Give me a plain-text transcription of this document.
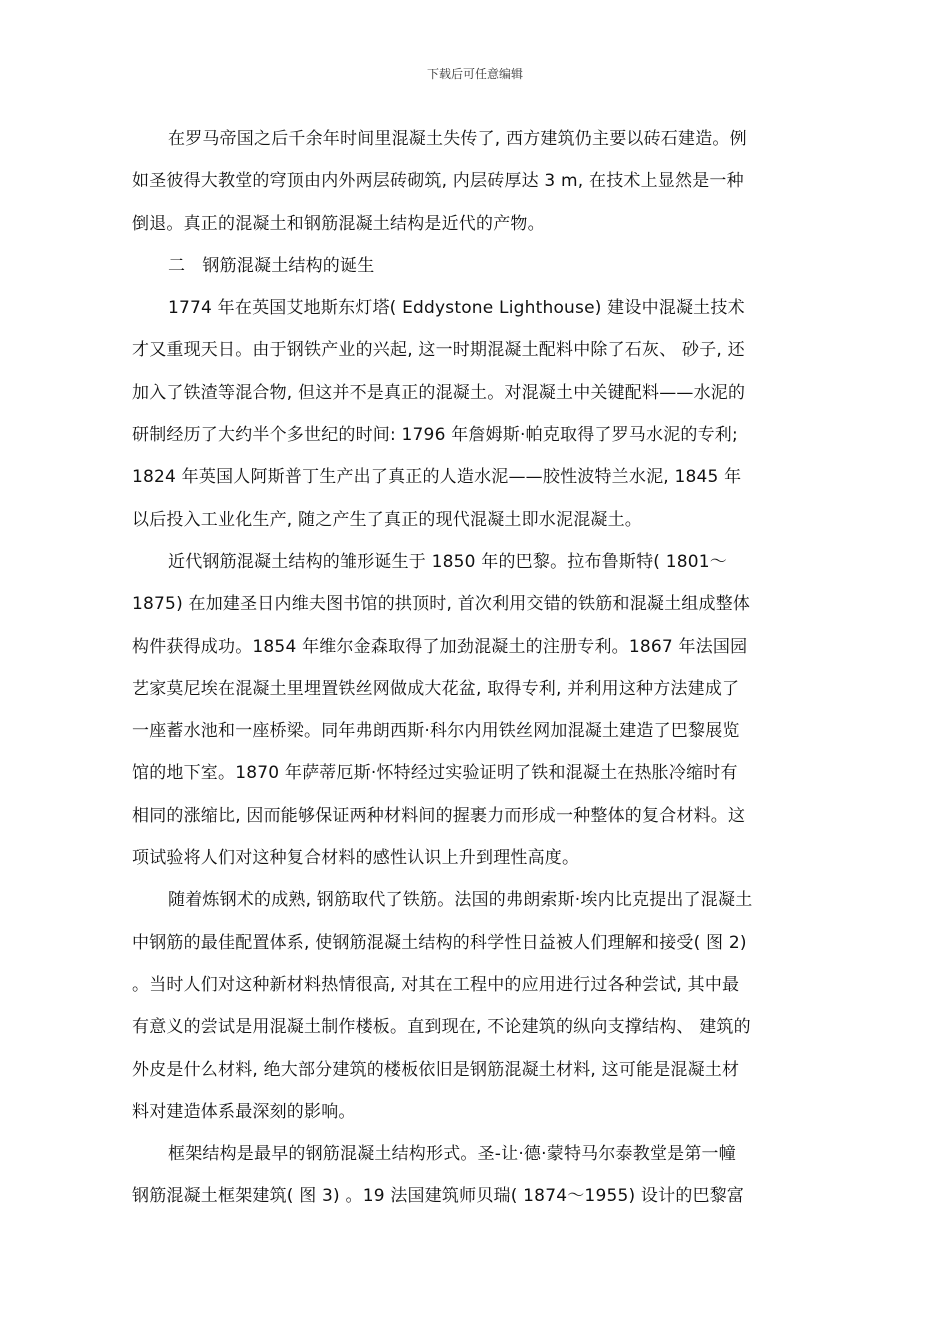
下载后可任意编辑
在罗马帝国之后千余年时间里混凝土失传了, 西方建筑仍主要以砖石建造。例
如圣彼得大教堂的穹顶由内外两层砖砌筑, 内层砖厚达 3 m, 在技术上显然是一种
倒退。真正的混凝土和钢筋混凝土结构是近代的产物。
二　钢筋混凝土结构的诞生
1774 年在英国艾地斯东灯塔( Eddystone Lighthouse) 建设中混凝土技术
才又重现天日。由于钢铁产业的兴起, 这一时期混凝土配料中除了石灰、 砂子, 还
加入了铁渣等混合物, 但这并不是真正的混凝土。对混凝土中关键配料——水泥的
研制经历了大约半个多世纪的时间: 1796 年詹姆斯·帕克取得了罗马水泥的专利;
1824 年英国人阿斯普丁生产出了真正的人造水泥——胶性波特兰水泥, 1845 年
以后投入工业化生产, 随之产生了真正的现代混凝土即水泥混凝土。
近代钢筋混凝土结构的雏形诞生于 1850 年的巴黎。拉布鲁斯特( 1801～
1875) 在加建圣日内维夫图书馆的拱顶时, 首次利用交错的铁筋和混凝土组成整体
构件获得成功。1854 年维尔金森取得了加劲混凝土的注册专利。1867 年法国园
艺家莫尼埃在混凝土里埋置铁丝网做成大花盆, 取得专利, 并利用这种方法建成了
一座蓄水池和一座桥梁。同年弗朗西斯·科尔内用铁丝网加混凝土建造了巴黎展览
馆的地下室。1870 年萨蒂厄斯·怀特经过实验证明了铁和混凝土在热胀冷缩时有
相同的涨缩比, 因而能够保证两种材料间的握裹力而形成一种整体的复合材料。这
项试验将人们对这种复合材料的感性认识上升到理性高度。
随着炼钢术的成熟, 钢筋取代了铁筋。法国的弗朗索斯·埃内比克提出了混凝土
中钢筋的最佳配置体系, 使钢筋混凝土结构的科学性日益被人们理解和接受( 图 2)
。当时人们对这种新材料热情很高, 对其在工程中的应用进行过各种尝试, 其中最
有意义的尝试是用混凝土制作楼板。直到现在, 不论建筑的纵向支撑结构、 建筑的
外皮是什么材料, 绝大部分建筑的楼板依旧是钢筋混凝土材料, 这可能是混凝土材
料对建造体系最深刻的影响。
框架结构是最早的钢筋混凝土结构形式。圣-让·德·蒙特马尔泰教堂是第一幢
钢筋混凝土框架建筑( 图 3) 。19 法国建筑师贝瑞( 1874～1955) 设计的巴黎富
